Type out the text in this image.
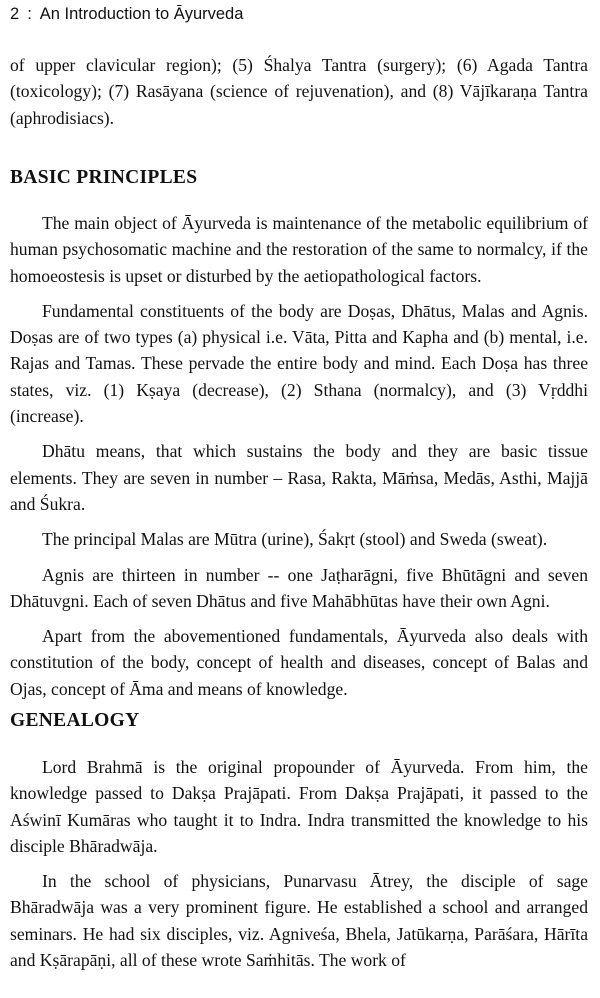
2 : An Introduction to Āyurveda

of upper clavicular region); (5) Śhalya Tantra (surgery); (6) Agada Tantra (toxicology); (7) Rasāyana (science of rejuvenation), and (8) Vājīkaraṇa Tantra (aphrodisiacs).

BASIC PRINCIPLES

The main object of Āyurveda is maintenance of the metabolic equilibrium of human psychosomatic machine and the restoration of the same to normalcy, if the homoeostesis is upset or disturbed by the aetiopathological factors.

Fundamental constituents of the body are Doṣas, Dhātus, Malas and Agnis. Doṣas are of two types (a) physical i.e. Vāta, Pitta and Kapha and (b) mental, i.e. Rajas and Tamas. These pervade the entire body and mind. Each Doṣa has three states, viz. (1) Kṣaya (decrease), (2) Sthana (normalcy), and (3) Vṛddhi (increase).

Dhātu means, that which sustains the body and they are basic tissue elements. They are seven in number – Rasa, Rakta, Māṁsa, Medās, Asthi, Majjā and Śukra.

The principal Malas are Mūtra (urine), Śakṛt (stool) and Sweda (sweat).

Agnis are thirteen in number -- one Jaṭharāgni, five Bhūtāgni and seven Dhātuvgni. Each of seven Dhātus and five Mahābhūtas have their own Agni.

Apart from the abovementioned fundamentals, Āyurveda also deals with constitution of the body, concept of health and diseases, concept of Balas and Ojas, concept of Āma and means of knowledge.

GENEALOGY

Lord Brahmā is the original propounder of Āyurveda. From him, the knowledge passed to Dakṣa Prajāpati. From Dakṣa Prajāpati, it passed to the Aświnī Kumāras who taught it to Indra. Indra transmitted the knowledge to his disciple Bhāradwāja.

In the school of physicians, Punarvasu Ātrey, the disciple of sage Bhāradwāja was a very prominent figure. He established a school and arranged seminars. He had six disciples, viz. Agniveśa, Bhela, Jatūkarṇa, Parāśara, Hārīta and Kṣārapāṇi, all of these wrote Saṁhitās. The work of
